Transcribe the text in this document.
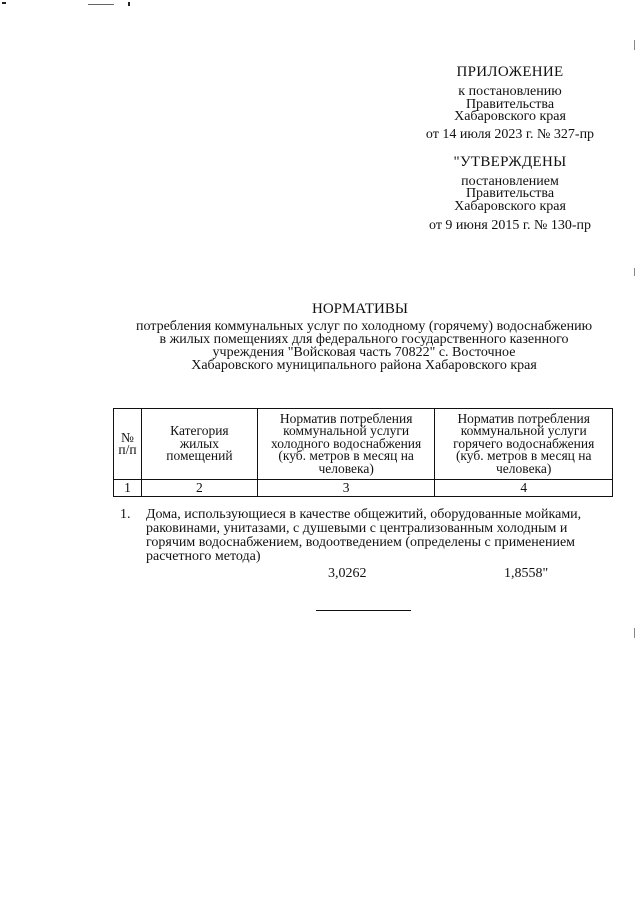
ПРИЛОЖЕНИЕ
к постановлению
Правительства
Хабаровского края
от 14 июля 2023 г. № 327-пр
"УТВЕРЖДЕНЫ
постановлением
Правительства
Хабаровского края
от 9 июня 2015 г. № 130-пр
НОРМАТИВЫ
потребления коммунальных услуг по холодному (горячему) водоснабжению
в жилых помещениях для федерального государственного казенного
учреждения "Войсковая часть 70822" с. Восточное
Хабаровского муниципального района Хабаровского края
№ п/п	Категория жилых помещений	Норматив потребления коммунальной услуги холодного водоснабжения (куб. метров в месяц на человека)	Норматив потребления коммунальной услуги горячего водоснабжения (куб. метров в месяц на человека)
1	2	3	4
1. Дома, использующиеся в качестве общежитий, оборудованные мойками,
раковинами, унитазами, с душевыми с централизованным холодным и
горячим водоснабжением, водоотведением (определены с применением
расчетного метода)
3,0262	1,8558"
